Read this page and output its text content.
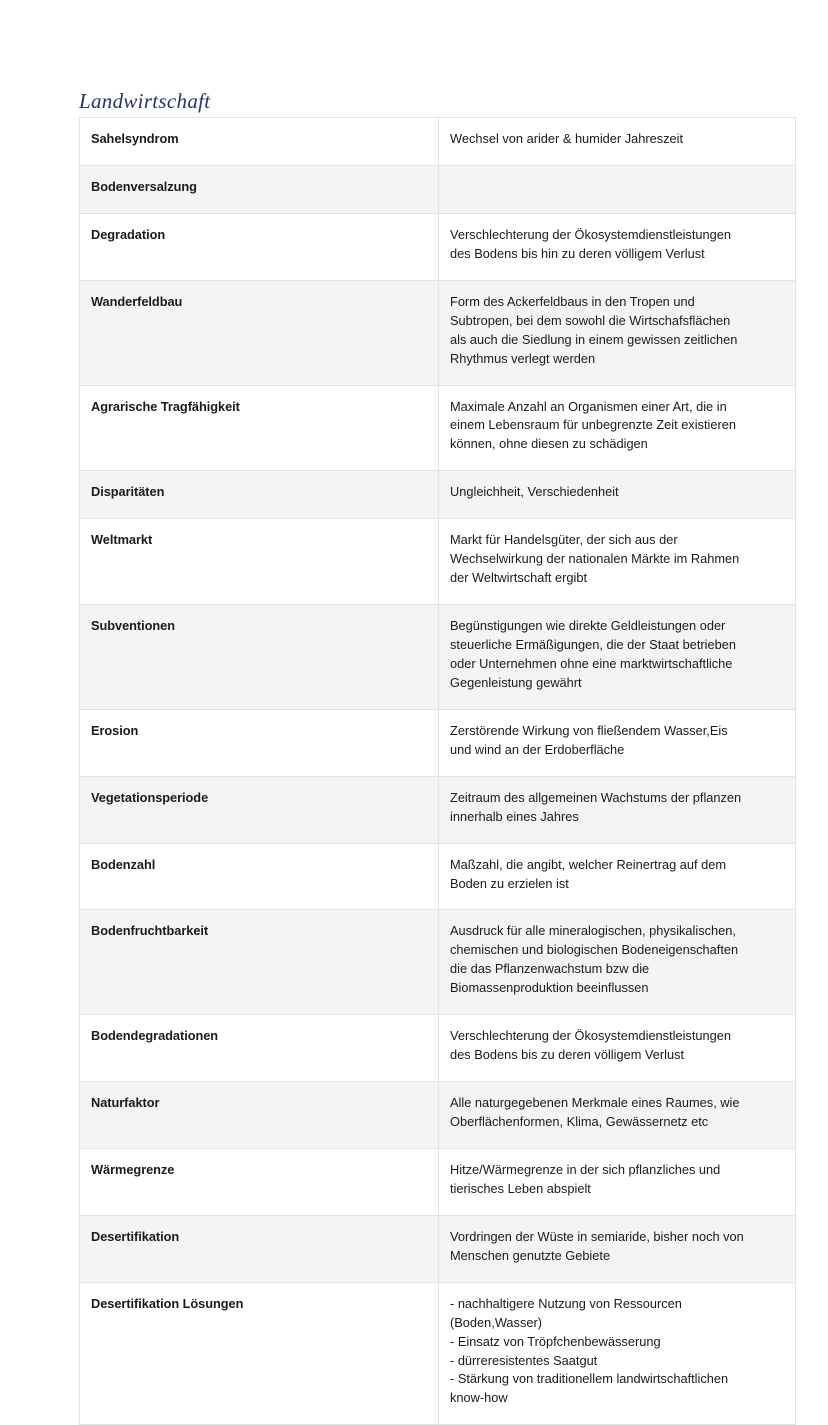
Landwirtschaft
Sahelsyndrom	Wechsel von arider & humider Jahreszeit

Bodenversalzung	

Degradation	Verschlechterung der Ökosystemdienstleistungen
des Bodens bis hin zu deren völligem Verlust

Wanderfeldbau	Form des Ackerfeldbaus in den Tropen und
Subtropen, bei dem sowohl die Wirtschafsflächen
als auch die Siedlung in einem gewissen zeitlichen
Rhythmus verlegt werden

Agrarische Tragfähigkeit	Maximale Anzahl an Organismen einer Art, die in
einem Lebensraum für unbegrenzte Zeit existieren
können, ohne diesen zu schädigen

Disparitäten	Ungleichheit, Verschiedenheit

Weltmarkt	Markt für Handelsgüter, der sich aus der
Wechselwirkung der nationalen Märkte im Rahmen
der Weltwirtschaft ergibt

Subventionen	Begünstigungen wie direkte Geldleistungen oder
steuerliche Ermäßigungen, die der Staat betrieben
oder Unternehmen ohne eine marktwirtschaftliche
Gegenleistung gewährt

Erosion	Zerstörende Wirkung von fließendem Wasser,Eis
und wind an der Erdoberfläche

Vegetationsperiode	Zeitraum des allgemeinen Wachstums der pflanzen
innerhalb eines Jahres

Bodenzahl	Maßzahl, die angibt, welcher Reinertrag auf dem
Boden zu erzielen ist

Bodenfruchtbarkeit	Ausdruck für alle mineralogischen, physikalischen,
chemischen und biologischen Bodeneigenschaften
die das Pflanzenwachstum bzw die
Biomassenproduktion beeinflussen

Bodendegradationen	Verschlechterung der Ökosystemdienstleistungen
des Bodens bis zu deren völligem Verlust

Naturfaktor	Alle naturgegebenen Merkmale eines Raumes, wie
Oberflächenformen, Klima, Gewässernetz etc

Wärmegrenze	Hitze/Wärmegrenze in der sich pflanzliches und
tierisches Leben abspielt

Desertifikation	Vordringen der Wüste in semiaride, bisher noch von
Menschen genutzte Gebiete

Desertifikation Lösungen	- nachhaltigere Nutzung von Ressourcen
(Boden,Wasser)
- Einsatz von Tröpfchenbewässerung
- dürreresistentes Saatgut
- Stärkung von traditionellem landwirtschaftlichen
know-how
